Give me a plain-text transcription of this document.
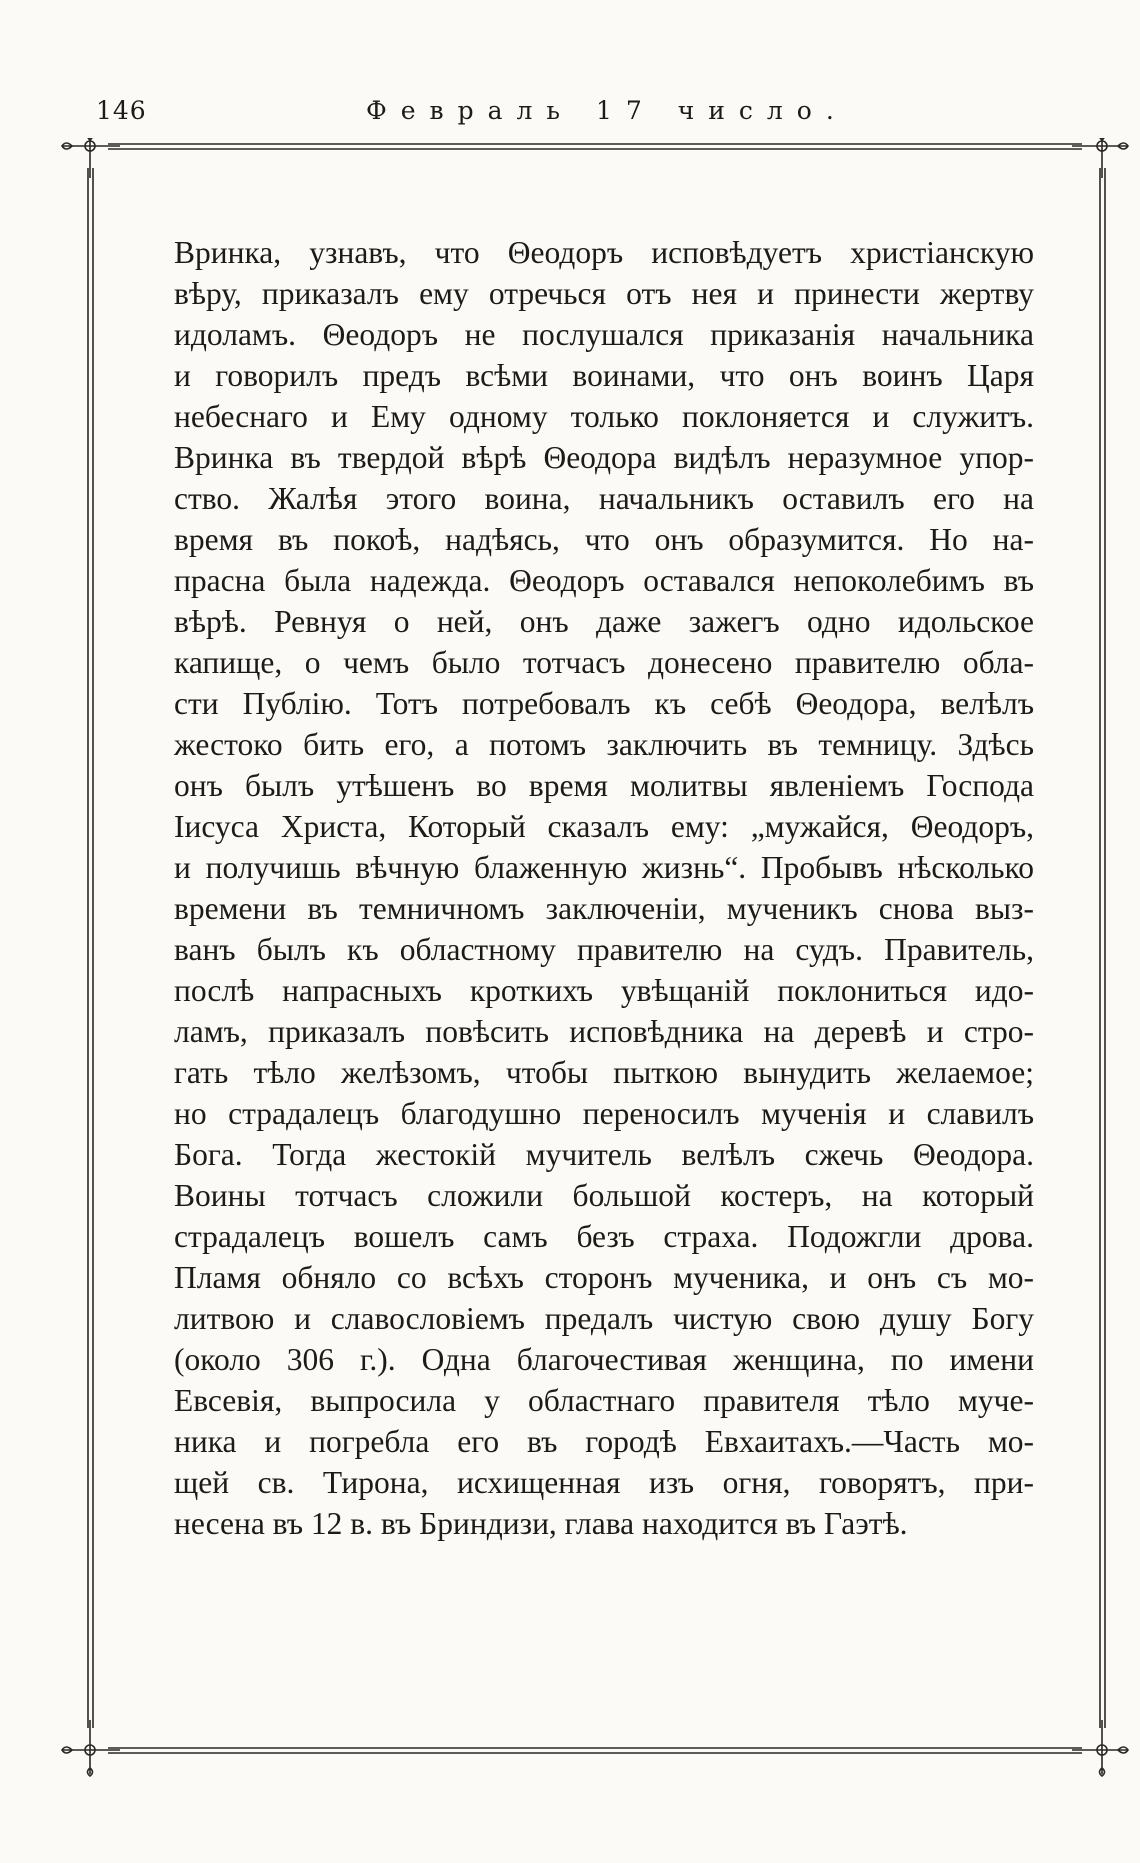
146	Февраль 17 число.
Вринка, узнавъ, что Θеодоръ исповѣдуетъ христіанскую
вѣру, приказалъ ему отречься отъ нея и принести жертву
идоламъ. Θеодоръ не послушался приказанія начальника
и говорилъ предъ всѣми воинами, что онъ воинъ Царя
небеснаго и Ему одному только поклоняется и служитъ.
Вринка въ твердой вѣрѣ Θеодора видѣлъ неразумное упор-
ство. Жалѣя этого воина, начальникъ оставилъ его на
время въ покоѣ, надѣясь, что онъ образумится. Но на-
прасна была надежда. Θеодоръ оставался непоколебимъ въ
вѣрѣ. Ревнуя о ней, онъ даже зажегъ одно идольское
капище, о чемъ было тотчасъ донесено правителю обла-
сти Публію. Тотъ потребовалъ къ себѣ Θеодора, велѣлъ
жестоко бить его, а потомъ заключить въ темницу. Здѣсь
онъ былъ утѣшенъ во время молитвы явленіемъ Господа
Іисуса Христа, Который сказалъ ему: „мужайся, Θеодоръ,
и получишь вѣчную блаженную жизнь“. Пробывъ нѣсколько
времени въ темничномъ заключеніи, мученикъ снова выз-
ванъ былъ къ областному правителю на судъ. Правитель,
послѣ напрасныхъ кроткихъ увѣщаній поклониться идо-
ламъ, приказалъ повѣсить исповѣдника на деревѣ и стро-
гать тѣло желѣзомъ, чтобы пыткою вынудить желаемое;
но страдалецъ благодушно переносилъ мученія и славилъ
Бога. Тогда жестокій мучитель велѣлъ сжечь Θеодора.
Воины тотчасъ сложили большой костеръ, на который
страдалецъ вошелъ самъ безъ страха. Подожгли дрова.
Пламя обняло со всѣхъ сторонъ мученика, и онъ съ мо-
литвою и славословіемъ предалъ чистую свою душу Богу
(около 306 г.). Одна благочестивая женщина, по имени
Евсевія, выпросила у областнаго правителя тѣло муче-
ника и погребла его въ городѣ Евхаитахъ.—Часть мо-
щей св. Тирона, исхищенная изъ огня, говорятъ, при-
несена въ 12 в. въ Бриндизи, глава находится въ Гаэтѣ.
